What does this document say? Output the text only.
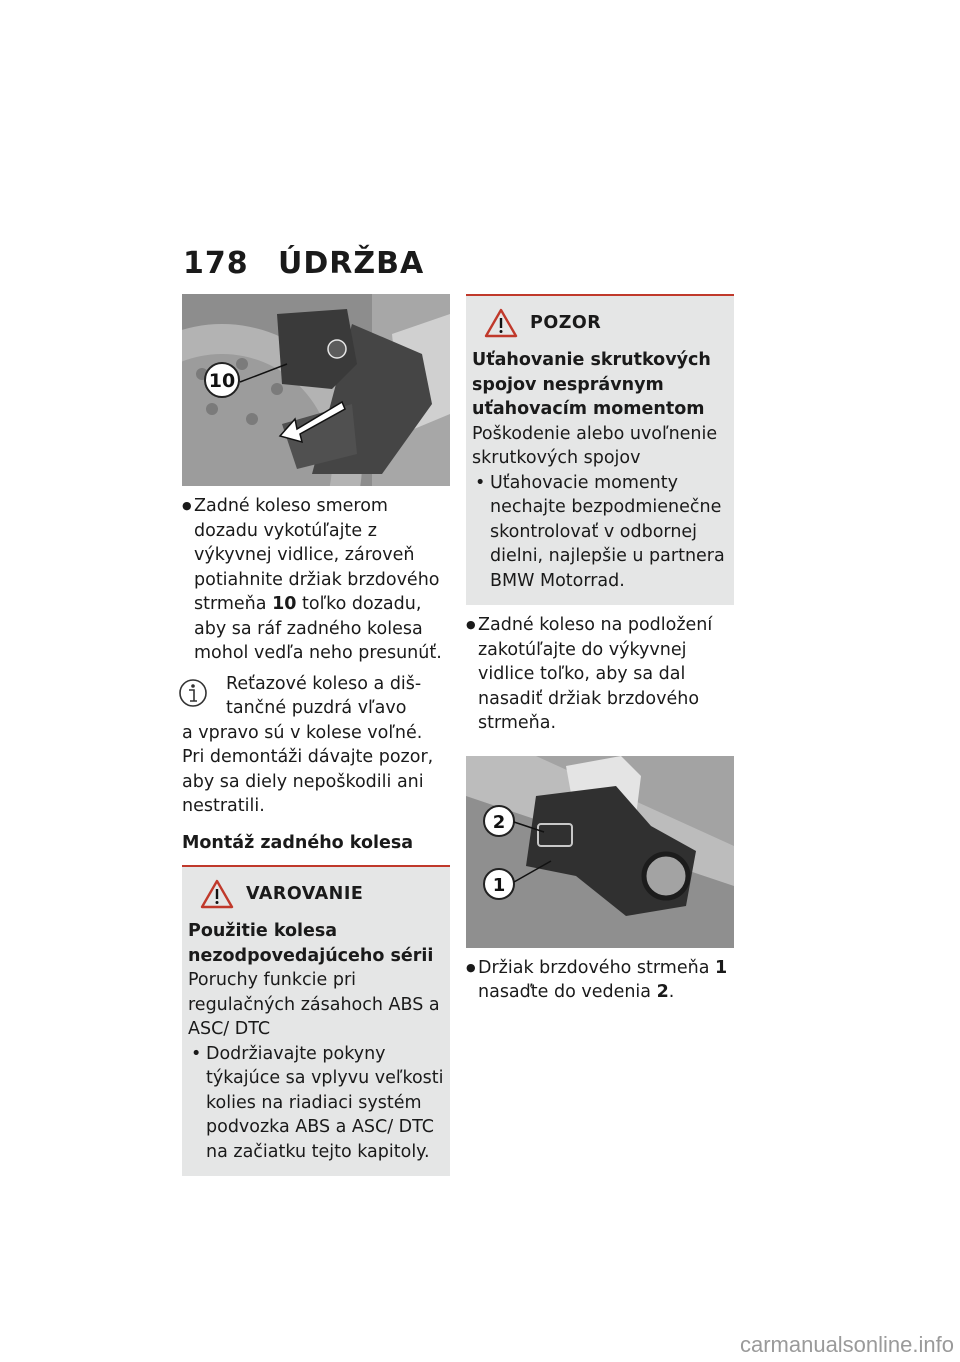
178 ÚDRŽBA
10

● Zadné koleso smerom dozadu vykotúľajte z výkyvnej vidlice, zároveň potiahnite držiak brzdového strmeňa 10 toľko dozadu, aby sa ráf zadného kolesa mohol vedľa neho presunúť.

Reťazové koleso a diš-

tančné puzdrá vľavo

a vpravo sú v kolese voľné. Pri demontáži dávajte pozor, aby sa diely nepoškodili ani nestratili.

Montáž zadného kolesa

VAROVANIE

Použitie kolesa nezodpovedajúceho sérii

Poruchy funkcie pri regulačných zásahoch ABS a ASC/ DTC

• Dodržiavajte pokyny týkajúce sa vplyvu veľkosti kolies na riadiaci systém podvozka ABS a ASC/ DTC na začiatku tejto kapitoly.

POZOR

Uťahovanie skrutkových spojov nesprávnym uťahovacím momentom

Poškodenie alebo uvoľnenie skrutkových spojov

• Uťahovacie momenty nechajte bezpodmienečne skontrolovať v odbornej dielni, najlepšie u partnera BMW Motorrad.

● Zadné koleso na podložení zakotúľajte do výkyvnej vidlice toľko, aby sa dal nasadiť držiak brzdového strmeňa.

2
1

● Držiak brzdového strmeňa 1 nasaďte do vedenia 2.

carmanualsonline.info
